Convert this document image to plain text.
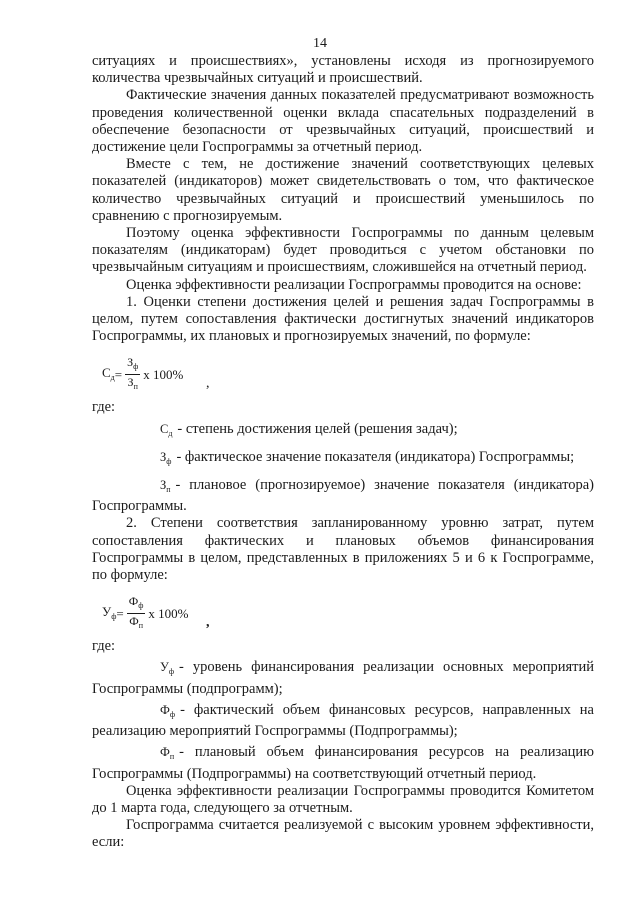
14

ситуациях и происшествиях», установлены исходя из прогнозируемого количества чрезвычайных ситуаций и происшествий.

Фактические значения данных показателей предусматривают возможность проведения количественной оценки вклада спасательных подразделений в обеспечение безопасности от чрезвычайных ситуаций, происшествий и достижение цели Госпрограммы за отчетный период.

Вместе с тем, не достижение значений соответствующих целевых показателей (индикаторов) может свидетельствовать о том, что фактическое количество чрезвычайных ситуаций и происшествий уменьшилось по сравнению с прогнозируемым.

Поэтому оценка эффективности Госпрограммы по данным целевым показателям (индикаторам) будет проводиться с учетом обстановки по чрезвычайным ситуациям и происшествиям, сложившейся на отчетный период.

Оценка эффективности реализации Госпрограммы проводится на основе:

1. Оценки степени достижения целей и решения задач Госпрограммы в целом, путем сопоставления фактически достигнутых значений индикаторов Госпрограммы, их плановых и прогнозируемых значений, по формуле:

$С_д = \frac{З_ф}{З_п}$ х 100%
,

где:

$С_д$ - степень достижения целей (решения задач);

$З_ф$ - фактическое значение показателя (индикатора) Госпрограммы;

$З_п$ - плановое (прогнозируемое) значение показателя (индикатора) Госпрограммы.

2. Степени соответствия запланированному уровню затрат, путем сопоставления фактических и плановых объемов финансирования Госпрограммы в целом, представленных в приложениях 5 и 6 к Госпрограмме, по формуле:

$У_ф = \frac{Ф_ф}{Ф_п}$ х 100%
,

где:

$У_ф$ - уровень финансирования реализации основных мероприятий Госпрограммы (подпрограмм);

$Ф_ф$ - фактический объем финансовых ресурсов, направленных на реализацию мероприятий Госпрограммы (Подпрограммы);

$Ф_п$ - плановый объем финансирования ресурсов на реализацию Госпрограммы (Подпрограммы) на соответствующий отчетный период.

Оценка эффективности реализации Госпрограммы проводится Комитетом до 1 марта года, следующего за отчетным.

Госпрограмма считается реализуемой с высоким уровнем эффективности, если:
